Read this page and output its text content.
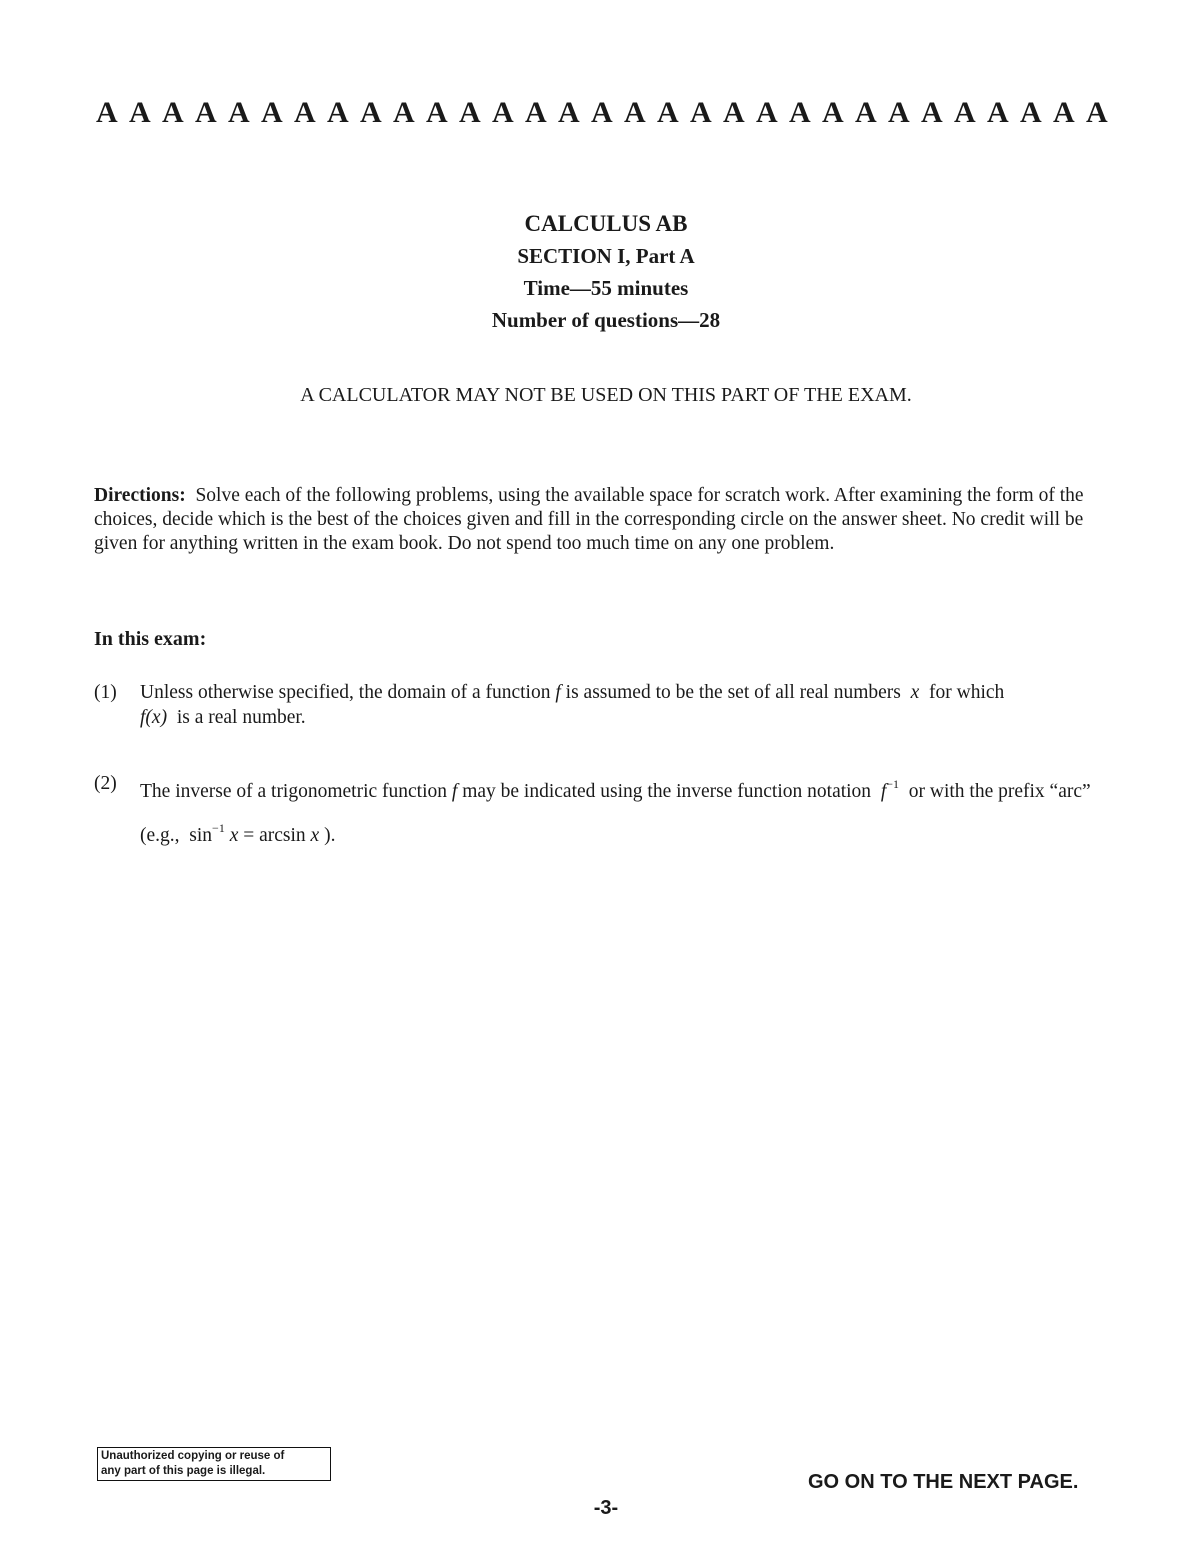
A A A A A A A A A A A A A A A A A A A A A A A A A A A A A A A
CALCULUS AB
SECTION I, Part A
Time—55 minutes
Number of questions—28
A CALCULATOR MAY NOT BE USED ON THIS PART OF THE EXAM.
Directions: Solve each of the following problems, using the available space for scratch work. After examining the form of the choices, decide which is the best of the choices given and fill in the corresponding circle on the answer sheet. No credit will be given for anything written in the exam book. Do not spend too much time on any one problem.
In this exam:
(1) Unless otherwise specified, the domain of a function f is assumed to be the set of all real numbers x for which
f(x) is a real number.
(2) The inverse of a trigonometric function f may be indicated using the inverse function notation $f^{-1}$ or with the prefix “arc” (e.g., $\sin^{-1} x = \arcsin x$ ).
Unauthorized copying or reuse of
any part of this page is illegal.	GO ON TO THE NEXT PAGE.
-3-
